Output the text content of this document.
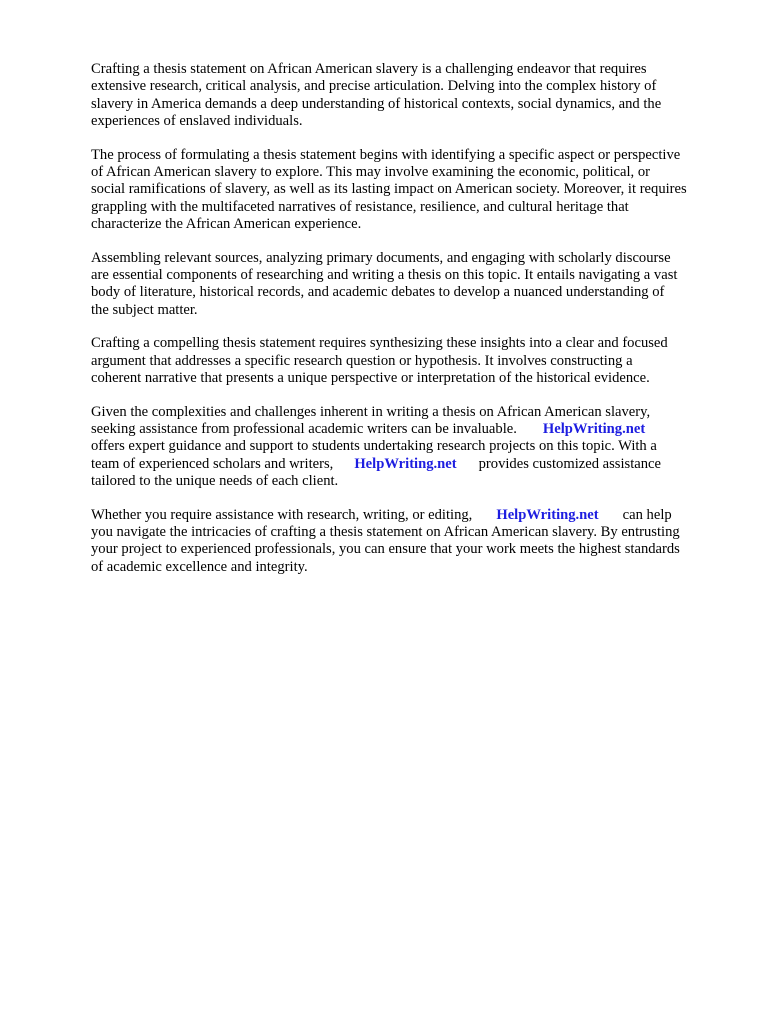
Crafting a thesis statement on African American slavery is a challenging endeavor that requires
extensive research, critical analysis, and precise articulation. Delving into the complex history of
slavery in America demands a deep understanding of historical contexts, social dynamics, and the
experiences of enslaved individuals.

The process of formulating a thesis statement begins with identifying a specific aspect or perspective
of African American slavery to explore. This may involve examining the economic, political, or
social ramifications of slavery, as well as its lasting impact on American society. Moreover, it requires
grappling with the multifaceted narratives of resistance, resilience, and cultural heritage that
characterize the African American experience.

Assembling relevant sources, analyzing primary documents, and engaging with scholarly discourse
are essential components of researching and writing a thesis on this topic. It entails navigating a vast
body of literature, historical records, and academic debates to develop a nuanced understanding of
the subject matter.

Crafting a compelling thesis statement requires synthesizing these insights into a clear and focused
argument that addresses a specific research question or hypothesis. It involves constructing a
coherent narrative that presents a unique perspective or interpretation of the historical evidence.

Given the complexities and challenges inherent in writing a thesis on African American slavery,
seeking assistance from professional academic writers can be invaluable. HelpWriting.net
offers expert guidance and support to students undertaking research projects on this topic. With a
team of experienced scholars and writers, HelpWriting.net provides customized assistance
tailored to the unique needs of each client.

Whether you require assistance with research, writing, or editing, HelpWriting.net can help
you navigate the intricacies of crafting a thesis statement on African American slavery. By entrusting
your project to experienced professionals, you can ensure that your work meets the highest standards
of academic excellence and integrity.
